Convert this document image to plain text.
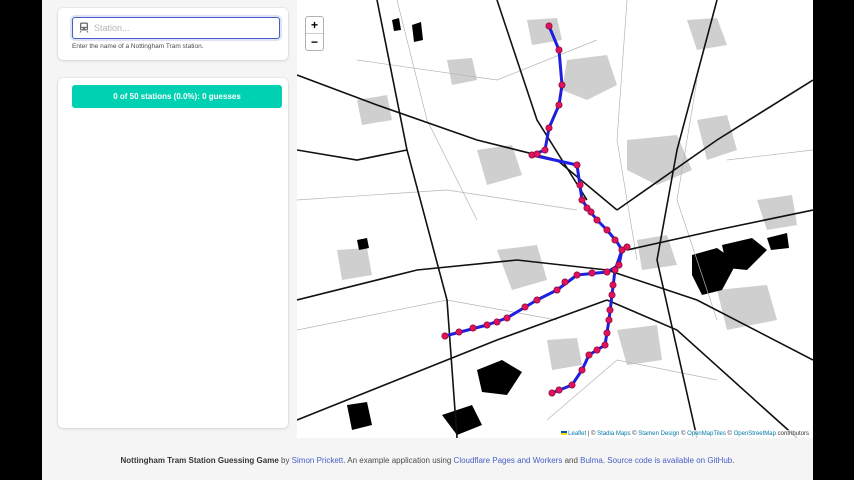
Station...
Enter the name of a Nottingham Tram station.
0 of 50 stations (0.0%): 0 guesses
+
−
Leaflet | © Stadia Maps © Stamen Design © OpenMapTiles © OpenStreetMap contributors
Nottingham Tram Station Guessing Game by Simon Prickett. An example application using Cloudflare Pages and Workers and Bulma. Source code is available on GitHub.
